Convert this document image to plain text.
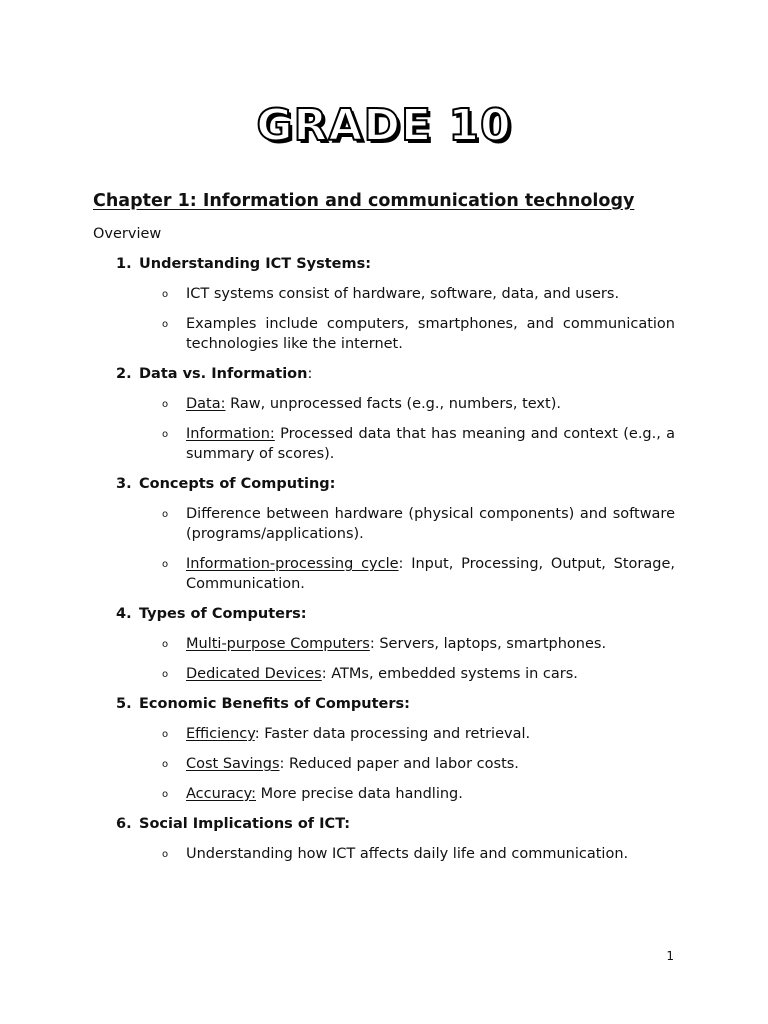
GRADE 10
Chapter 1: Information and communication technology
Overview
1. Understanding ICT Systems:
o ICT systems consist of hardware, software, data, and users.
o Examples include computers, smartphones, and communication technologies like the internet.
2. Data vs. Information:
o Data: Raw, unprocessed facts (e.g., numbers, text).
o Information: Processed data that has meaning and context (e.g., a summary of scores).
3. Concepts of Computing:
o Difference between hardware (physical components) and software (programs/applications).
o Information-processing cycle: Input, Processing, Output, Storage, Communication.
4. Types of Computers:
o Multi-purpose Computers: Servers, laptops, smartphones.
o Dedicated Devices: ATMs, embedded systems in cars.
5. Economic Benefits of Computers:
o Efficiency: Faster data processing and retrieval.
o Cost Savings: Reduced paper and labor costs.
o Accuracy: More precise data handling.
6. Social Implications of ICT:
o Understanding how ICT affects daily life and communication.
1
